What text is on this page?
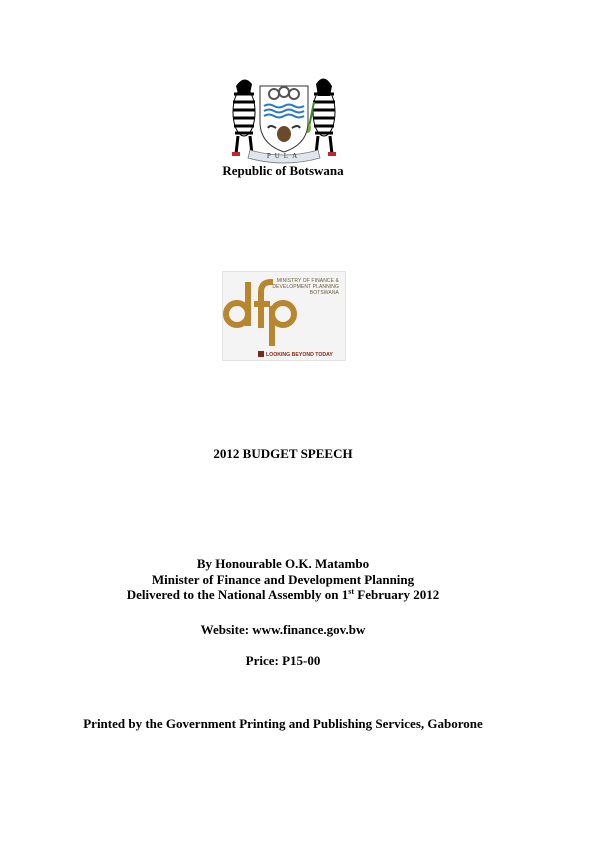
PULA
Republic of Botswana
MINISTRY OF FINANCE &
DEVELOPMENT PLANNING
BOTSWANA
LOOKING BEYOND TODAY
2012 BUDGET SPEECH
By Honourable O.K. Matambo
Minister of Finance and Development Planning
Delivered to the National Assembly on 1st February 2012
Website: www.finance.gov.bw
Price: P15-00
Printed by the Government Printing and Publishing Services, Gaborone
